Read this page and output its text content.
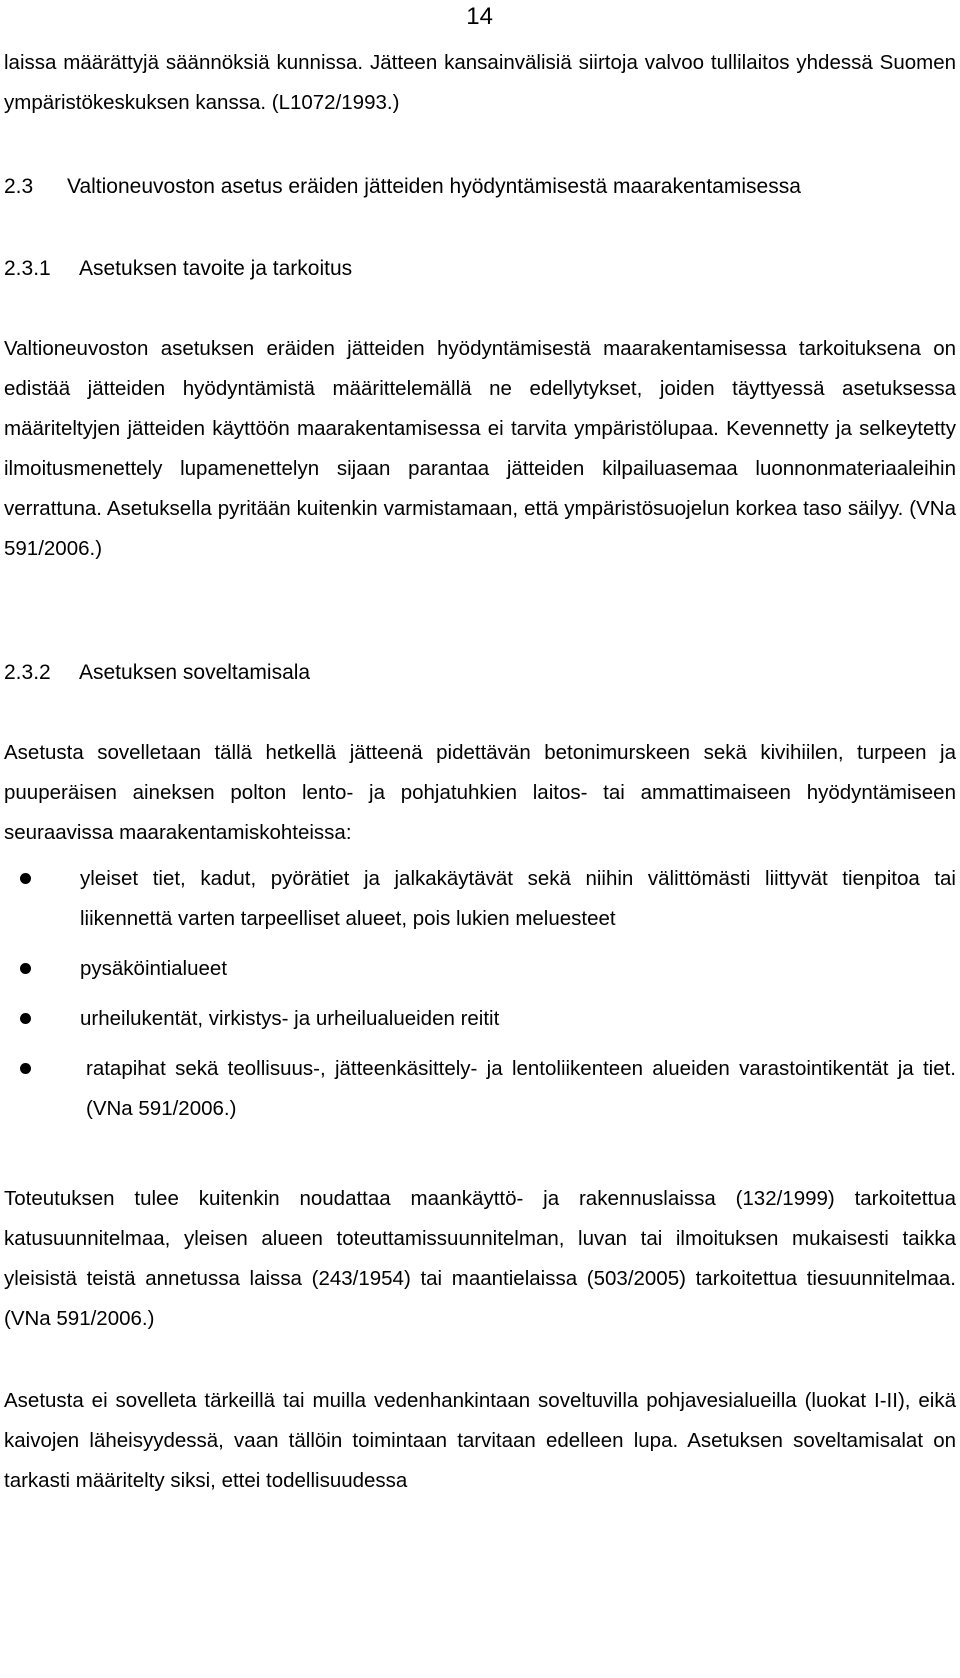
14

laissa määrättyjä säännöksiä kunnissa. Jätteen kansainvälisiä siirtoja valvoo tullilaitos yhdessä Suomen ympäristökeskuksen kanssa. (L1072/1993.)

2.3 Valtioneuvoston asetus eräiden jätteiden hyödyntämisestä maarakentamisessa
2.3.1 Asetuksen tavoite ja tarkoitus

Valtioneuvoston asetuksen eräiden jätteiden hyödyntämisestä maarakentamisessa tarkoituksena on edistää jätteiden hyödyntämistä määrittelemällä ne edellytykset, joiden täyttyessä asetuksessa määriteltyjen jätteiden käyttöön maarakentamisessa ei tarvita ympäristölupaa. Kevennetty ja selkeytetty ilmoitusmenettely lupamenettelyn sijaan parantaa jätteiden kilpailuasemaa luonnonmateriaaleihin verrattuna. Asetuksella pyritään kuitenkin varmistamaan, että ympäristösuojelun korkea taso säilyy. (VNa 591/2006.)

2.3.2 Asetuksen soveltamisala

Asetusta sovelletaan tällä hetkellä jätteenä pidettävän betonimurskeen sekä kivihiilen, turpeen ja puuperäisen aineksen polton lento- ja pohjatuhkien laitos- tai ammattimaiseen hyödyntämiseen seuraavissa maarakentamiskohteissa:

yleiset tiet, kadut, pyörätiet ja jalkakäytävät sekä niihin välittömästi liittyvät tienpitoa tai liikennettä varten tarpeelliset alueet, pois lukien meluesteet
pysäköintialueet
urheilukentät, virkistys- ja urheilualueiden reitit
ratapihat sekä teollisuus-, jätteenkäsittely- ja lentoliikenteen alueiden varastointikentät ja tiet. (VNa 591/2006.)

Toteutuksen tulee kuitenkin noudattaa maankäyttö- ja rakennuslaissa (132/1999) tarkoitettua katusuunnitelmaa, yleisen alueen toteuttamissuunnitelman, luvan tai ilmoituksen mukaisesti taikka yleisistä teistä annetussa laissa (243/1954) tai maantielaissa (503/2005) tarkoitettua tiesuunnitelmaa. (VNa 591/2006.)

Asetusta ei sovelleta tärkeillä tai muilla vedenhankintaan soveltuvilla pohjavesialueilla (luokat I-II), eikä kaivojen läheisyydessä, vaan tällöin toimintaan tarvitaan edelleen lupa. Asetuksen soveltamisalat on tarkasti määritelty siksi, ettei todellisuudessa
